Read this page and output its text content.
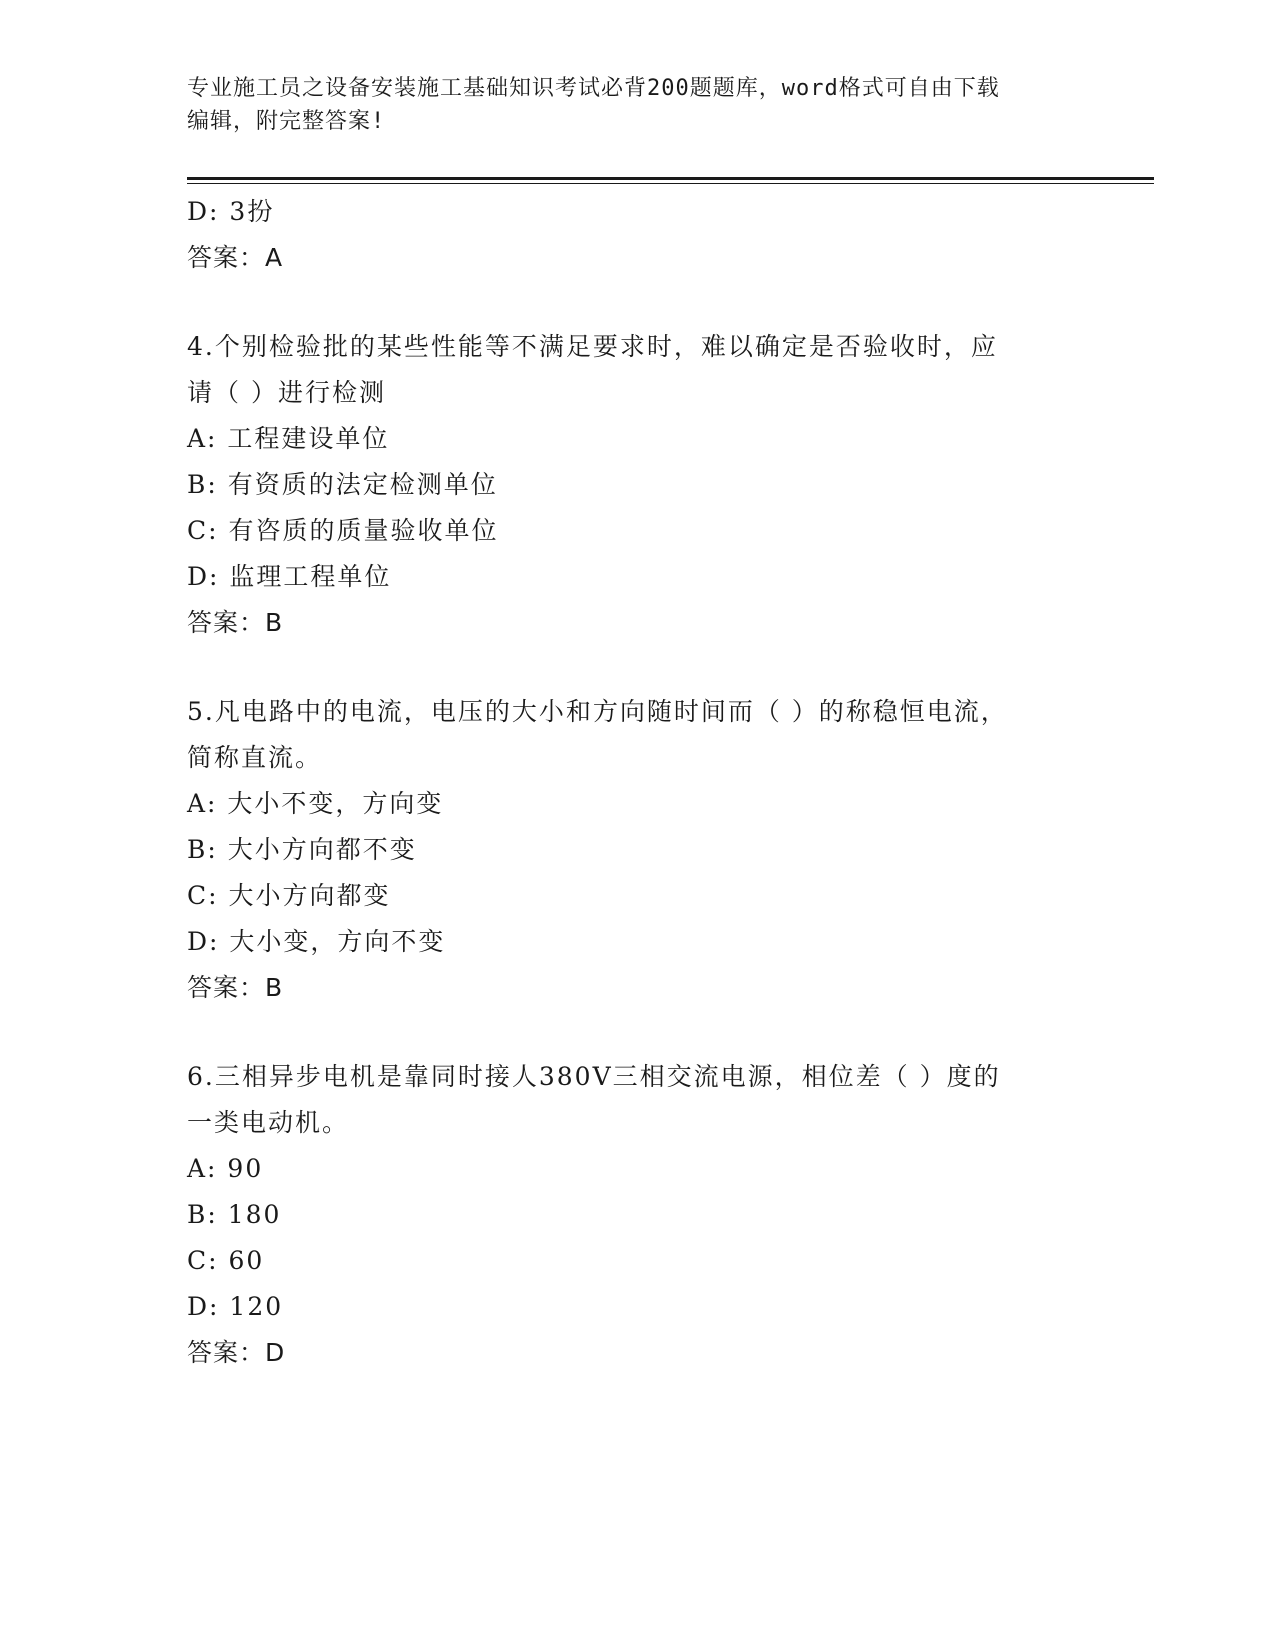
专业施工员之设备安装施工基础知识考试必背200题题库，word格式可自由下载
编辑，附完整答案!
D: 3扮
答案：A
4.个别检验批的某些性能等不满足要求时，难以确定是否验收时，应
请（ ）进行检测
A: 工程建设单位
B: 有资质的法定检测单位
C: 有咨质的质量验收单位
D: 监理工程单位
答案：B
5.凡电路中的电流，电压的大小和方向随时间而（ ）的称稳恒电流，
简称直流。
A: 大小不变，方向变
B: 大小方向都不变
C: 大小方向都变
D: 大小变，方向不变
答案：B
6.三相异步电机是靠同时接人380V三相交流电源，相位差（ ）度的
一类电动机。
A: 90
B: 180
C: 60
D: 120
答案：D
